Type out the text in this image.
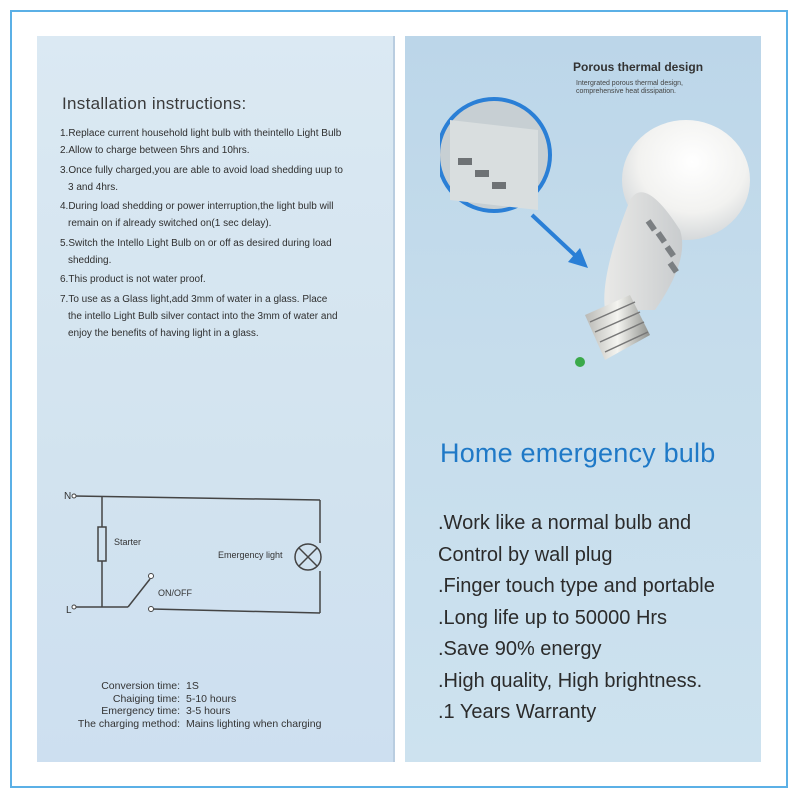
Installation instructions:
1.Replace current household light bulb with theintello Light Bulb
2.Allow to charge between 5hrs and 10hrs.
3.Once fully charged,you are able to avoid load shedding uup to
3 and 4hrs.
4.During load shedding or power interruption,the light bulb will
remain on if already switched on(1 sec delay).
5.Switch the Intello Light Bulb on or off as desired during load
shedding.
6.This product is not water proof.
7.To use as a Glass light,add 3mm of water in a glass. Place
the intello Light Bulb silver contact into the 3mm of water and
enjoy the benefits of having light in a glass.
N
L
Starter
Emergency light
ON/OFF
Conversion time: 1S
Chaiging time: 5-10 hours
Emergency time: 3-5 hours
The charging method: Mains lighting when charging
Porous thermal design
Intergrated porous thermal design,
comprehensive heat dissipation.
Home emergency bulb
.Work like a normal bulb and
Control by wall plug
.Finger touch type and portable
.Long life up to 50000 Hrs
.Save 90% energy
.High quality, High brightness.
.1 Years Warranty
